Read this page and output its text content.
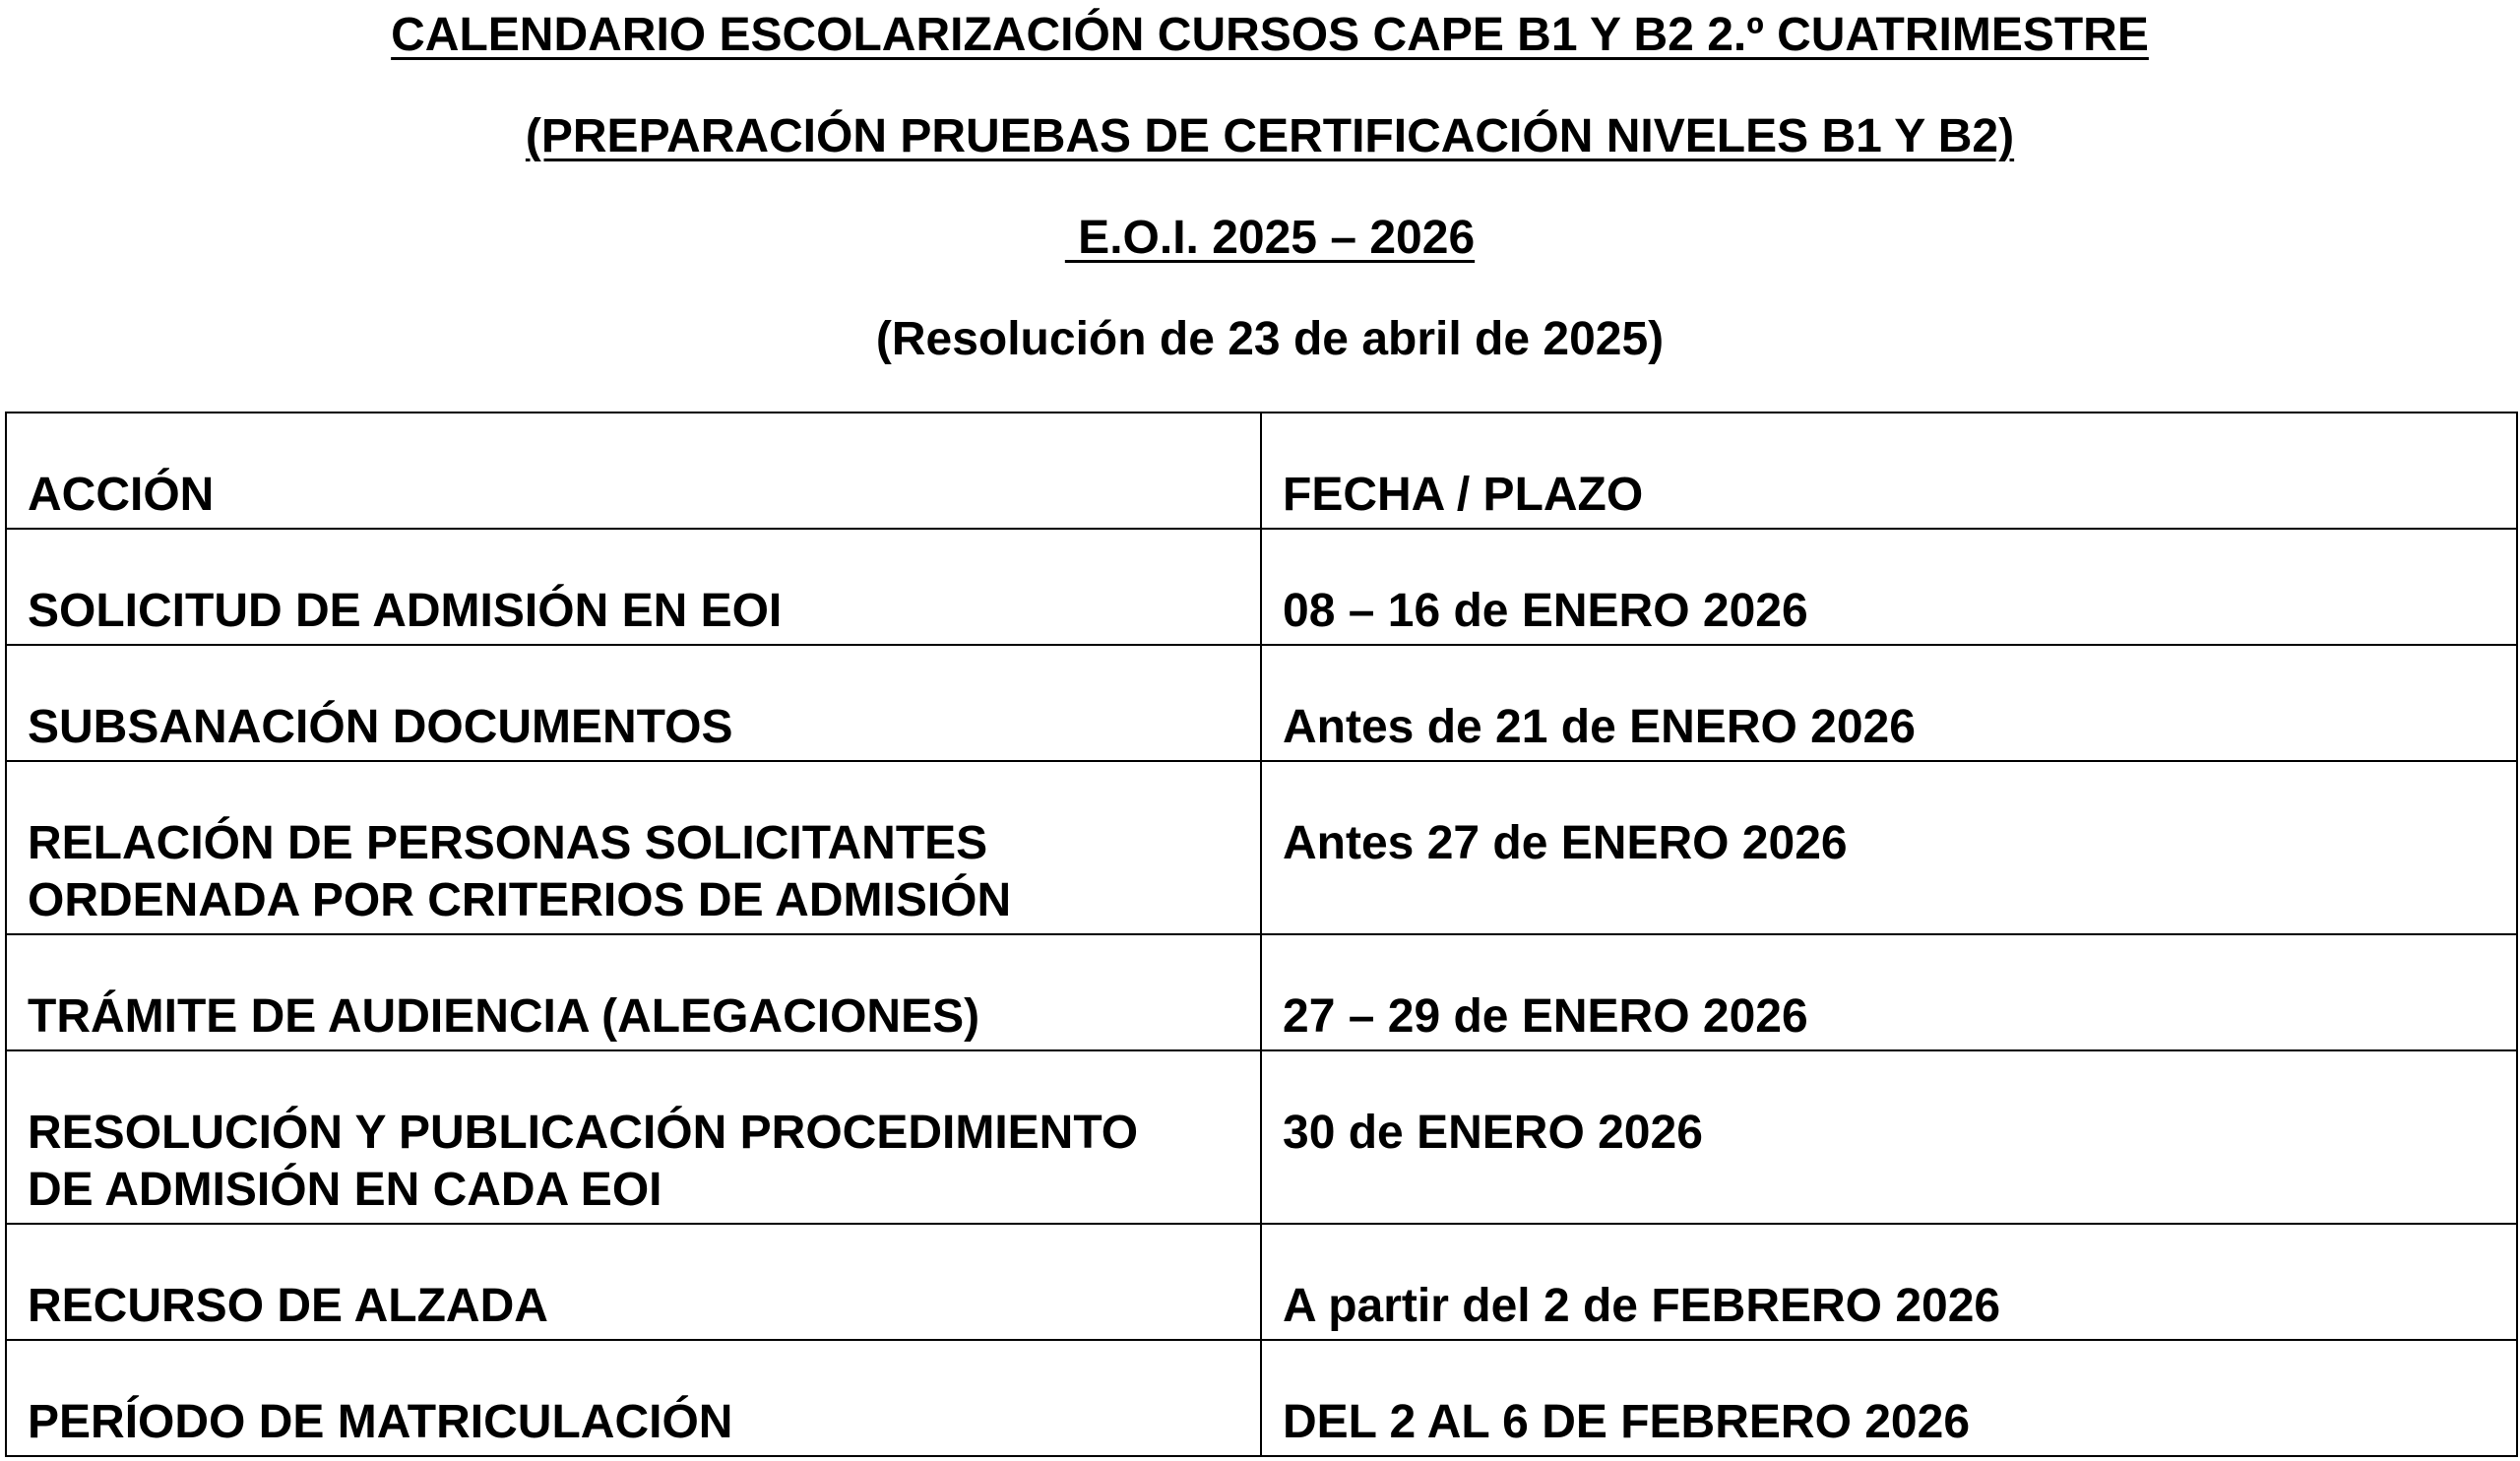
CALENDARIO ESCOLARIZACIÓN CURSOS CAPE B1 Y B2 2.º CUATRIMESTRE
(PREPARACIÓN PRUEBAS DE CERTIFICACIÓN NIVELES B1 Y B2)
E.O.I. 2025 – 2026
(Resolución de 23 de abril de 2025)
ACCIÓN	FECHA / PLAZO

SOLICITUD DE ADMISIÓN EN EOI	08 – 16 de ENERO 2026

SUBSANACIÓN DOCUMENTOS	Antes de 21 de ENERO 2026

RELACIÓN DE PERSONAS SOLICITANTES
ORDENADA POR CRITERIOS DE ADMISIÓN	Antes 27 de ENERO 2026

TRÁMITE DE AUDIENCIA (ALEGACIONES)	27 – 29 de ENERO 2026

RESOLUCIÓN Y PUBLICACIÓN PROCEDIMIENTO
DE ADMISIÓN EN CADA EOI	30 de ENERO 2026

RECURSO DE ALZADA	A partir del 2 de FEBRERO 2026

PERÍODO DE MATRICULACIÓN	DEL 2 AL 6 DE FEBRERO 2026
